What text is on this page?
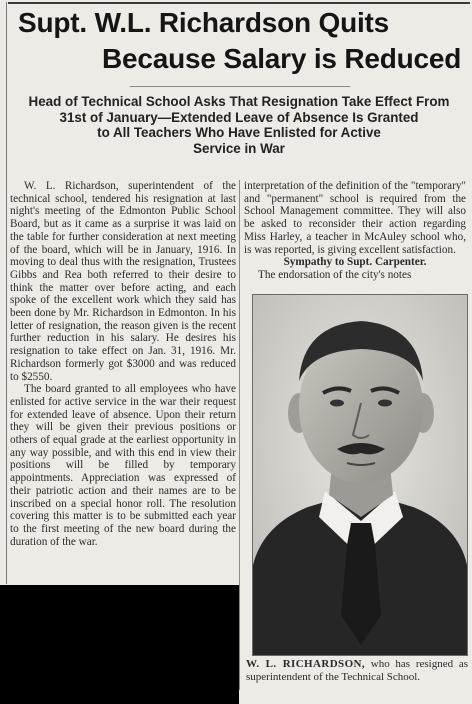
Supt. W.L. Richardson Quits
Because Salary is Reduced
Head of Technical School Asks That Resignation Take Effect From
31st of January—Extended Leave of Absence Is Granted
to All Teachers Who Have Enlisted for Active
Service in War

W. L. Richardson, superintendent of the technical school, tendered his resignation at last night's meeting of the Edmonton Public School Board, but as it came as a surprise it was laid on the table for further consideration at next meeting of the board, which will be in January, 1916. In moving to deal thus with the resignation, Trustees Gibbs and Rea both referred to their desire to think the matter over before acting, and each spoke of the excellent work which they said has been done by Mr. Richardson in Edmonton. In his letter of resignation, the reason given is the recent further reduction in his salary. He desires his resignation to take effect on Jan. 31, 1916. Mr. Richardson formerly got $3000 and was reduced to $2550.

The board granted to all employees who have enlisted for active service in the war their request for extended leave of absence. Upon their return they will be given their previous positions or others of equal grade at the earliest opportunity in any way possible, and with this end in view their positions will be filled by temporary appointments. Appreciation was expressed of their patriotic action and their names are to be inscribed on a special honor roll. The resolution covering this matter is to be submitted each year to the first meeting of the new board during the duration of the war.

interpretation of the definition of the "temporary" and "permanent" school is required from the School Management committee. They will also be asked to reconsider their action regarding Miss Harley, a teacher in McAuley school who, is was reported, is giving excellent satisfaction.

Sympathy to Supt. Carpenter.

The endorsation of the city's notes

W. L. RICHARDSON, who has resigned as superintendent of the Technical School.
